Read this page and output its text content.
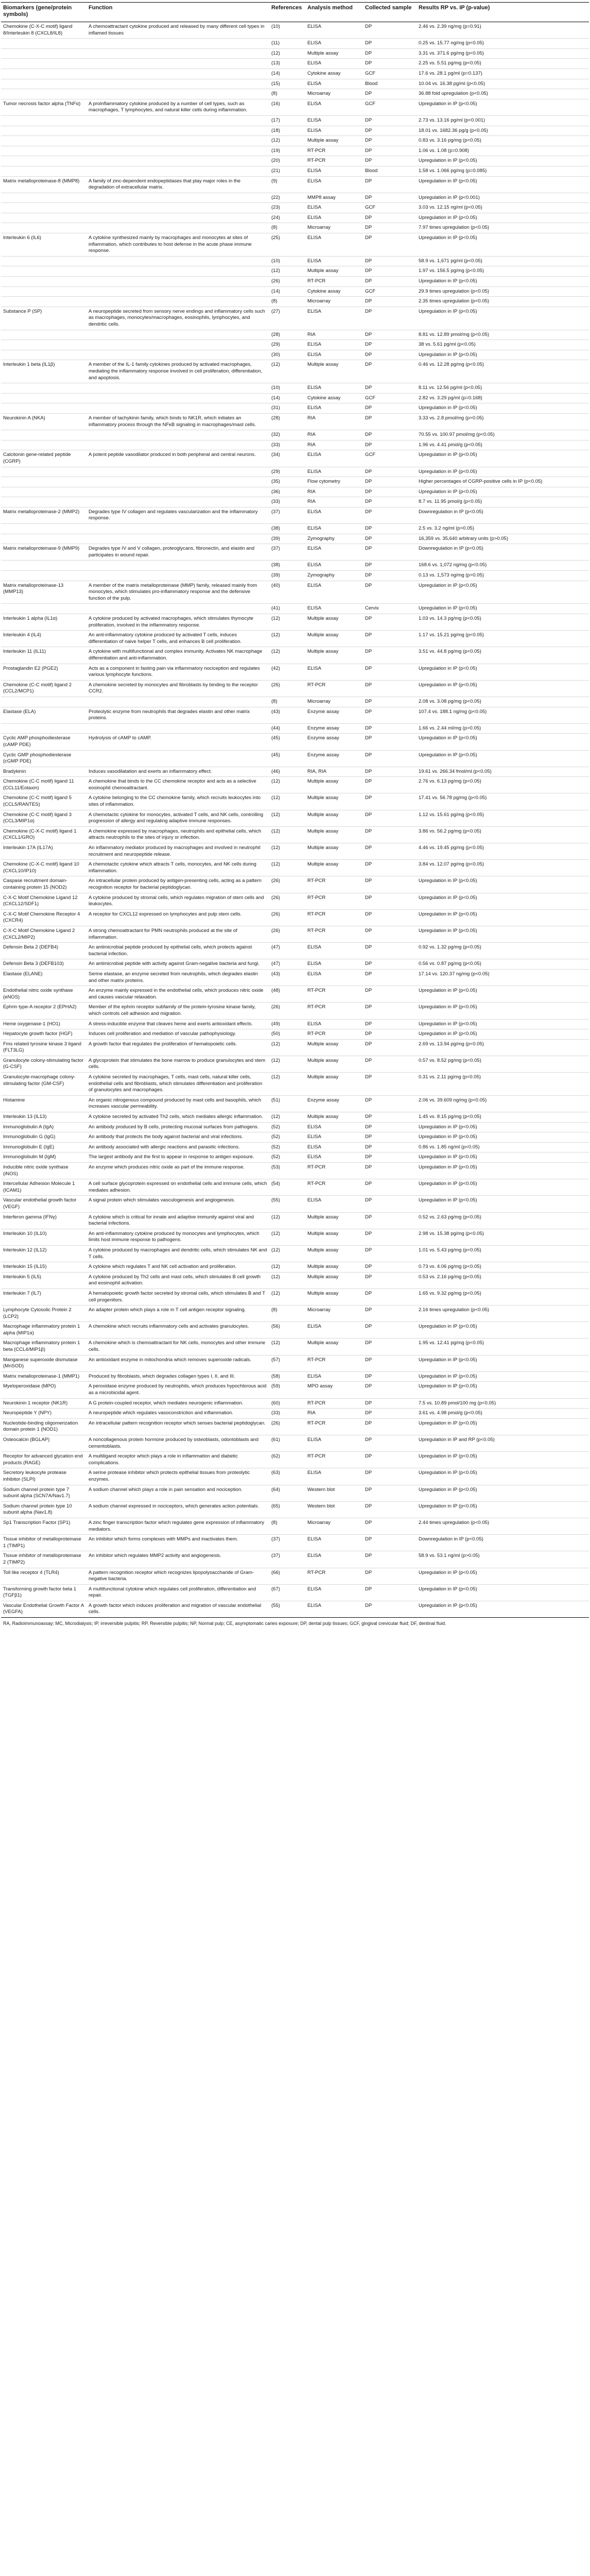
Biomarkers (gene/protein symbols)	Function	References	Analysis method	Collected sample	Results RP vs. IP (p-value)
Chemokine (C-X-C motif) ligand 8/Interleukin 8 (CXCL8/IL8)	A chemoattractant cytokine produced and released by many different cell types in inflamed tissues	(10)	ELISA	DP	2.46 vs. 2.39 ng/mg (p=0.91)
		(11)	ELISA	DP	0.25 vs. 15.77 ng/mg (p<0.05)
		(12)	Multiple assay	DP	3.31 vs. 371.6 pg/mg (p<0.05)
		(13)	ELISA	DP	2.25 vs. 5.51 pg/mg (p<0.05)
		(14)	Cytokine assay	GCF	17.6 vs. 28.1 pg/ml (p=0.137)
		(15)	ELISA	Blood	10.04 vs. 16.38 pg/ml (p<0.05)
		(8)	Microarray	DP	36.88 fold upregulation (p<0.05)
Tumor necrosis factor alpha (TNFα)	A proinflammatory cytokine produced by a number of cell types, such as macrophages, T lymphocytes, and natural killer cells during inflammation.	(16)	ELISA	GCF	Upregulation in IP (p<0.05)
		(17)	ELISA	DP	2.73 vs. 13.16 pg/ml (p<0.001)
		(18)	ELISA	DP	18.01 vs. 1682.36 pg/g (p<0.05)
		(12)	Multiple assay	DP	0.83 vs. 3.16 pg/mg (p<0.05)
		(19)	RT-PCR	DP	1.06 vs. 1.08 (p=0.908)
		(20)	RT-PCR	DP	Upregulation in IP (p<0.05)
		(21)	ELISA	Blood	1.58 vs. 1.066 pg/mg (p=0.085)
Matrix metalloproteinase-8 (MMP8)	A family of zinc-dependent endopeptidases that play major roles in the degradation of extracellular matrix.	(9)	ELISA	DP	Upregulation in IP (p<0.05)
		(22)	MMP8 assay	DP	Upregulation in IP (p<0.001)
		(23)	ELISA	GCF	3.03 vs. 12.15 ng/ml (p<0.05)
		(24)	ELISA	DP	Upregulation in IP (p<0.05)
		(8)	Microarray	DP	7.97 times upregulation (p<0.05)
Interleukin 6 (IL6)	A cytokine synthesized mainly by macrophages and monocytes at sites of inflammation, which contributes to host defense in the acute phase immune response.	(25)	ELISA	DP	Upregulation in IP (p<0.05)
		(10)	ELISA	DP	58.9 vs. 1,671 pg/ml (p<0.05)
		(12)	Multiple assay	DP	1.97 vs. 156.5 pg/mg (p<0.05)
		(26)	RT-PCR	DP	Upregulation in IP (p<0.05)
		(14)	Cytokine assay	GCF	29.9 times upregulation (p<0.05)
		(8)	Microarray	DP	2.35 times upregulation (p<0.05)
Substance P (SP)	A neuropeptide secreted from sensory nerve endings and inflammatory cells such as macrophages, monocytes/macrophages, eosinophils, lymphocytes, and dendritic cells.	(27)	ELISA	DP	Upregulation in IP (p<0.05)
		(28)	RIA	DP	8.81 vs. 12.89 pmol/mg (p<0.05)
		(29)	ELISA	DP	38 vs. 5.61 pg/ml (p<0.05)
		(30)	ELISA	DP	Upregulation in IP (p<0.05)
Interleukin 1 beta (IL1β)	A member of the IL-1 family cytokines produced by activated macrophages, mediating the inflammatory response involved in cell proliferation, differentiation, and apoptosis.	(12)	Multiple assay	DP	0.46 vs. 12.28 pg/mg (p<0.05)
		(10)	ELISA	DP	8.11 vs. 12.56 pg/ml (p<0.05)
		(14)	Cytokine assay	GCF	2.82 vs. 3.29 pg/ml (p=0.168)
		(31)	ELISA	DP	Upregulation in IP (p<0.05)
Neurokinin A (NKA)	A member of tachykinin family, which binds to NK1R, which initiates an inflammatory process through the NFκB signaling in macrophages/mast cells.	(28)	RIA	DP	3.33 vs. 2.8 pmol/mg (p>0.05)
		(32)	RIA	DP	70.55 vs. 100.97 pmol/mg (p<0.05)
		(33)	RIA	DP	1.96 vs. 4.41 pmol/g (p<0.05)
Calcitonin gene-related peptide (CGRP)	A potent peptide vasodilator produced in both peripheral and central neurons.	(34)	ELISA	GCF	Upregulation in IP (p<0.05)
		(29)	ELISA	DP	Upregulation in IP (p<0.05)
		(35)	Flow cytometry	DP	Higher percentages of CGRP-positive cells in IP (p<0.05)
		(36)	RIA	DP	Upregulation in IP (p<0.05)
		(33)	RIA	DP	8.7 vs. 11.95 pmol/g (p<0.05)
Matrix metalloproteinase-2 (MMP2)	Degrades type IV collagen and regulates vascularization and the inflammatory response.	(37)	ELISA	DP	Downregulation in IP (p<0.05)
		(38)	ELISA	DP	2.5 vs. 3.2 ng/ml (p>0.05)
		(39)	Zymography	DP	16,359 vs. 35,640 arbitrary units (p>0.05)
Matrix metalloproteinase-9 (MMP9)	Degrades type IV and V collagen, proteoglycans, fibronectin, and elastin and participates in wound repair.	(37)	ELISA	DP	Downregulation in IP (p<0.05)
		(38)	ELISA	DP	168.6 vs. 1,072 ng/mg (p<0.05)
		(39)	Zymography	DP	0.13 vs. 1,573 ng/mg (p>0.05)
Matrix metalloproteinase-13 (MMP13)	A member of the matrix metalloproteinase (MMP) family, released mainly from monocytes, which stimulates pro-inflammatory response and the defensive function of the pulp.	(40)	ELISA	DP	Upregulation in IP (p<0.05)
		(41)	ELISA	Cervix	Upregulation in IP (p<0.05)
Interleukin 1 alpha (IL1α)	A cytokine produced by activated macrophages, which stimulates thymocyte proliferation, involved in the inflammatory response.	(12)	Multiple assay	DP	1.03 vs. 14.3 pg/mg (p<0.05)
Interleukin 4 (IL4)	An anti-inflammatory cytokine produced by activated T cells, induces differentiation of naive helper T cells, and enhances B cell proliferation.	(12)	Multiple assay	DP	1.17 vs. 15.21 pg/mg (p<0.05)
Interleukin 11 (IL11)	A cytokine with multifunctional and complex immunity. Activates NK macrophage differentiation and anti-inflammation.	(12)	Multiple assay	DP	3.51 vs. 44.8 pg/mg (p<0.05)
Prostaglandin E2 (PGE2)	Acts as a component in fasting pain via inflammatory nociception and regulates various lymphocyte functions.	(42)	ELISA	DP	Upregulation in IP (p<0.05)
Chemokine (C-C motif) ligand 2 (CCL2/MCP1)	A chemokine secreted by monocytes and fibroblasts by binding to the receptor CCR2.	(26)	RT-PCR	DP	Upregulation in IP (p<0.05)
		(8)	Microarray	DP	2.08 vs. 3.08 pg/mg (p<0.05)
Elastase (ELA)	Proteolytic enzyme from neutrophils that degrades elastin and other matrix proteins.	(43)	Enzyme assay	DP	107.4 vs. 188.1 ng/mg (p<0.05)
		(44)	Enzyme assay	DP	1.66 vs. 2.44 ml/mg (p>0.05)
Cyclic AMP phosphodiesterase (cAMP PDE)	Hydrolysis of cAMP to cAMP.	(45)	Enzyme assay	DP	Upregulation in IP (p<0.05)
Cyclic GMP phosphodiesterase (cGMP PDE)		(45)	Enzyme assay	DP	Upregulation in IP (p<0.05)
Bradykinin	Induces vasodilatation and exerts an inflammatory effect.	(46)	RIA, RIA	DP	19.61 vs. 266.34 fmol/ml (p<0.05)
Chemokine (C-C motif) ligand 11 (CCL11/Eotaxin)	A chemokine that binds to the CC chemokine receptor and acts as a selective eosinophil chemoattractant.	(12)	Multiple assay	DP	2.76 vs. 6.13 pg/mg (p<0.05)
Chemokine (C-C motif) ligand 5 (CCL5/RANTES)	A cytokine belonging to the CC chemokine family, which recruits leukocytes into sites of inflammation.	(12)	Multiple assay	DP	17.41 vs. 56.78 pg/mg (p<0.05)
Chemokine (C-C motif) ligand 3 (CCL3/MIP1α)	A chemotactic cytokine for monocytes, activated T cells, and NK cells, controlling progression of allergy and regulating adaptive immune responses.	(12)	Multiple assay	DP	1.12 vs. 15.61 pg/mg (p<0.05)
Chemokine (C-X-C motif) ligand 1 (CXCL1/GRO)	A chemokine expressed by macrophages, neutrophils and epithelial cells, which attracts neutrophils to the sites of injury or infection.	(12)	Multiple assay	DP	3.86 vs. 56.2 pg/mg (p<0.05)
Interleukin 17A (IL17A)	An inflammatory mediator produced by macrophages and involved in neutrophil recruitment and neuropeptide release.	(12)	Multiple assay	DP	4.46 vs. 19.45 pg/mg (p<0.05)
Chemokine (C-X-C motif) ligand 10 (CXCL10/IP10)	A chemotactic cytokine which attracts T cells, monocytes, and NK cells during inflammation.	(12)	Multiple assay	DP	3.84 vs. 12.07 pg/mg (p<0.05)
Caspase recruitment domain-containing protein 15 (NOD2)	An intracellular protein produced by antigen-presenting cells, acting as a pattern recognition receptor for bacterial peptidoglycan.	(26)	RT-PCR	DP	Upregulation in IP (p<0.05)
C-X-C Motif Chemokine Ligand 12 (CXCL12/SDF1)	A cytokine produced by stromal cells, which regulates migration of stem cells and leukocytes.	(26)	RT-PCR	DP	Upregulation in IP (p<0.05)
C-X-C Motif Chemokine Receptor 4 (CXCR4)	A receptor for CXCL12 expressed on lymphocytes and pulp stem cells.	(26)	RT-PCR	DP	Upregulation in IP (p<0.05)
C-X-C Motif Chemokine Ligand 2 (CXCL2/MIP2)	A strong chemoattractant for PMN neutrophils produced at the site of inflammation.	(26)	RT-PCR	DP	Upregulation in IP (p<0.05)
Defensin Beta 2 (DEFB4)	An antimicrobial peptide produced by epithelial cells, which protects against bacterial infection.	(47)	ELISA	DP	0.92 vs. 1.32 pg/mg (p<0.05)
Defensin Beta 3 (DEFB103)	An antimicrobial peptide with activity against Gram-negative bacteria and fungi.	(47)	ELISA	DP	0.56 vs. 0.87 pg/mg (p<0.05)
Elastase (ELANE)	Serine elastase, an enzyme secreted from neutrophils, which degrades elastin and other matrix proteins.	(43)	ELISA	DP	17.14 vs. 120.37 ng/mg (p<0.05)
Endothelial nitric oxide synthase (eNOS)	An enzyme mainly expressed in the endothelial cells, which produces nitric oxide and causes vascular relaxation.	(48)	RT-PCR	DP	Upregulation in IP (p<0.05)
Ephrin type-A receptor 2 (EPHA2)	Member of the ephrin receptor subfamily of the protein-tyrosine kinase family, which controls cell adhesion and migration.	(26)	RT-PCR	DP	Upregulation in IP (p<0.05)
Heme oxygenase-1 (HO1)	A stress-inducible enzyme that cleaves heme and exerts antioxidant effects.	(49)	ELISA	DP	Upregulation in IP (p<0.05)
Hepatocyte growth factor (HGF)	Induces cell proliferation and mediation of vascular pathophysiology.	(50)	RT-PCR	DP	Upregulation in IP (p<0.05)
Fms related tyrosine kinase 3 ligand (FLT3LG)	A growth factor that regulates the proliferation of hematopoietic cells.	(12)	Multiple assay	DP	2.69 vs. 13.94 pg/mg (p<0.05)
Granulocyte colony-stimulating factor (G-CSF)	A glycoprotein that stimulates the bone marrow to produce granulocytes and stem cells.	(12)	Multiple assay	DP	0.57 vs. 8.52 pg/mg (p<0.05)
Granulocyte-macrophage colony-stimulating factor (GM-CSF)	A cytokine secreted by macrophages, T cells, mast cells, natural killer cells, endothelial cells and fibroblasts, which stimulates differentiation and proliferation of granulocytes and macrophages.	(12)	Multiple assay	DP	0.31 vs. 2.11 pg/mg (p<0.05)
Histamine	An organic nitrogenous compound produced by mast cells and basophils, which increases vascular permeability.	(51)	Enzyme assay	DP	2.06 vs. 39.609 ng/mg (p<0.05)
Interleukin 13 (IL13)	A cytokine secreted by activated Th2 cells, which mediates allergic inflammation.	(12)	Multiple assay	DP	1.45 vs. 8.15 pg/mg (p<0.05)
Immunoglobulin A (IgA)	An antibody produced by B cells, protecting mucosal surfaces from pathogens.	(52)	ELISA	DP	Upregulation in IP (p<0.05)
Immunoglobulin G (IgG)	An antibody that protects the body against bacterial and viral infections.	(52)	ELISA	DP	Upregulation in IP (p<0.05)
Immunoglobulin E (IgE)	An antibody associated with allergic reactions and parasitic infections.	(52)	ELISA	DP	0.86 vs. 1.85 ng/ml (p<0.05)
Immunoglobulin M (IgM)	The largest antibody and the first to appear in response to antigen exposure.	(52)	ELISA	DP	Upregulation in IP (p<0.05)
Inducible nitric oxide synthase (iNOS)	An enzyme which produces nitric oxide as part of the immune response.	(53)	RT-PCR	DP	Upregulation in IP (p<0.05)
Intercellular Adhesion Molecule 1 (ICAM1)	A cell surface glycoprotein expressed on endothelial cells and immune cells, which mediates adhesion.	(54)	RT-PCR	DP	Upregulation in IP (p<0.05)
Vascular endothelial growth factor (VEGF)	A signal protein which stimulates vasculogenesis and angiogenesis.	(55)	ELISA	DP	Upregulation in IP (p<0.05)
Interferon gamma (IFNγ)	A cytokine which is critical for innate and adaptive immunity against viral and bacterial infections.	(12)	Multiple assay	DP	0.52 vs. 2.63 pg/mg (p<0.05)
Interleukin 10 (IL10)	An anti-inflammatory cytokine produced by monocytes and lymphocytes, which limits host immune response to pathogens.	(12)	Multiple assay	DP	2.98 vs. 15.38 pg/mg (p<0.05)
Interleukin 12 (IL12)	A cytokine produced by macrophages and dendritic cells, which stimulates NK and T cells.	(12)	Multiple assay	DP	1.01 vs. 5.43 pg/mg (p<0.05)
Interleukin 15 (IL15)	A cytokine which regulates T and NK cell activation and proliferation.	(12)	Multiple assay	DP	0.73 vs. 4.06 pg/mg (p<0.05)
Interleukin 5 (IL5)	A cytokine produced by Th2 cells and mast cells, which stimulates B cell growth and eosinophil activation.	(12)	Multiple assay	DP	0.53 vs. 2.16 pg/mg (p<0.05)
Interleukin 7 (IL7)	A hematopoietic growth factor secreted by stromal cells, which stimulates B and T cell progenitors.	(12)	Multiple assay	DP	1.65 vs. 9.32 pg/mg (p<0.05)
Lymphocyte Cytosolic Protein 2 (LCP2)	An adapter protein which plays a role in T cell antigen receptor signaling.	(8)	Microarray	DP	2.16 times upregulation (p<0.05)
Macrophage inflammatory protein 1 alpha (MIP1α)	A chemokine which recruits inflammatory cells and activates granulocytes.	(56)	ELISA	DP	Upregulation in IP (p<0.05)
Macrophage inflammatory protein 1 beta (CCL4/MIP1β)	A chemokine which is chemoattractant for NK cells, monocytes and other immune cells.	(12)	Multiple assay	DP	1.95 vs. 12.41 pg/mg (p<0.05)
Manganese superoxide dismutase (MnSOD)	An antioxidant enzyme in mitochondria which removes superoxide radicals.	(57)	RT-PCR	DP	Upregulation in IP (p<0.05)
Matrix metalloproteinase-1 (MMP1)	Produced by fibroblasts, which degrades collagen types I, II, and III.	(58)	ELISA	DP	Upregulation in IP (p<0.05)
Myeloperoxidase (MPO)	A peroxidase enzyme produced by neutrophils, which produces hypochlorous acid as a microbicidal agent.	(59)	MPO assay	DP	Upregulation in IP (p<0.05)
Neurokinin 1 receptor (NK1R)	A G protein-coupled receptor, which mediates neurogenic inflammation.	(60)	RT-PCR	DP	7.5 vs. 10.89 pmol/100 mg (p<0.05)
Neuropeptide Y (NPY)	A neuropeptide which regulates vasoconstriction and inflammation.	(33)	RIA	DP	3.61 vs. 4.98 pmol/g (p<0.05)
Nucleotide-binding oligomerization domain protein 1 (NOD1)	An intracellular pattern recognition receptor which senses bacterial peptidoglycan.	(26)	RT-PCR	DP	Upregulation in IP (p<0.05)
Osteocalcin (BGLAP)	A noncollagenous protein hormone produced by osteoblasts, odontoblasts and cementoblasts.	(61)	ELISA	DP	Upregulation in IP and RP (p<0.05)
Receptor for advanced glycation end products (RAGE)	A multiligand receptor which plays a role in inflammation and diabetic complications.	(62)	RT-PCR	DP	Upregulation in IP (p<0.05)
Secretory leukocyte protease inhibitor (SLPI)	A serine protease inhibitor which protects epithelial tissues from proteolytic enzymes.	(63)	ELISA	DP	Upregulation in IP (p<0.05)
Sodium channel protein type 7 subunit alpha (SCN7A/Nav1.7)	A sodium channel which plays a role in pain sensation and nociception.	(64)	Western blot	DP	Upregulation in IP (p<0.05)
Sodium channel protein type 10 subunit alpha (Nav1.8)	A sodium channel expressed in nociceptors, which generates action potentials.	(65)	Western blot	DP	Upregulation in IP (p<0.05)
Sp1 Transcription Factor (SP1)	A zinc finger transcription factor which regulates gene expression of inflammatory mediators.	(8)	Microarray	DP	2.44 times upregulation (p<0.05)
Tissue inhibitor of metalloproteinase 1 (TIMP1)	An inhibitor which forms complexes with MMPs and inactivates them.	(37)	ELISA	DP	Downregulation in IP (p<0.05)
Tissue inhibitor of metalloproteinase 2 (TIMP2)	An inhibitor which regulates MMP2 activity and angiogenesis.	(37)	ELISA	DP	58.9 vs. 53.1 ng/ml (p>0.05)
Toll like receptor 4 (TLR4)	A pattern recognition receptor which recognizes lipopolysaccharide of Gram-negative bacteria.	(66)	RT-PCR	DP	Upregulation in IP (p<0.05)
Transforming growth factor beta 1 (TGFβ1)	A multifunctional cytokine which regulates cell proliferation, differentiation and repair.	(67)	ELISA	DP	Upregulation in IP (p<0.05)
Vascular Endothelial Growth Factor A (VEGFA)	A growth factor which induces proliferation and migration of vascular endothelial cells.	(55)	ELISA	DP	Upregulation in IP (p<0.05)
RA, Radioimmunoassay; MC, Microdialysis; IP, irreversible pulpitis; RP, Reversible pulpitis; NP, Normal pulp; CE, asymptomatic caries exposure; DP, dental pulp tissues; GCF, gingival crevicular fluid; DF, dentinal fluid.
